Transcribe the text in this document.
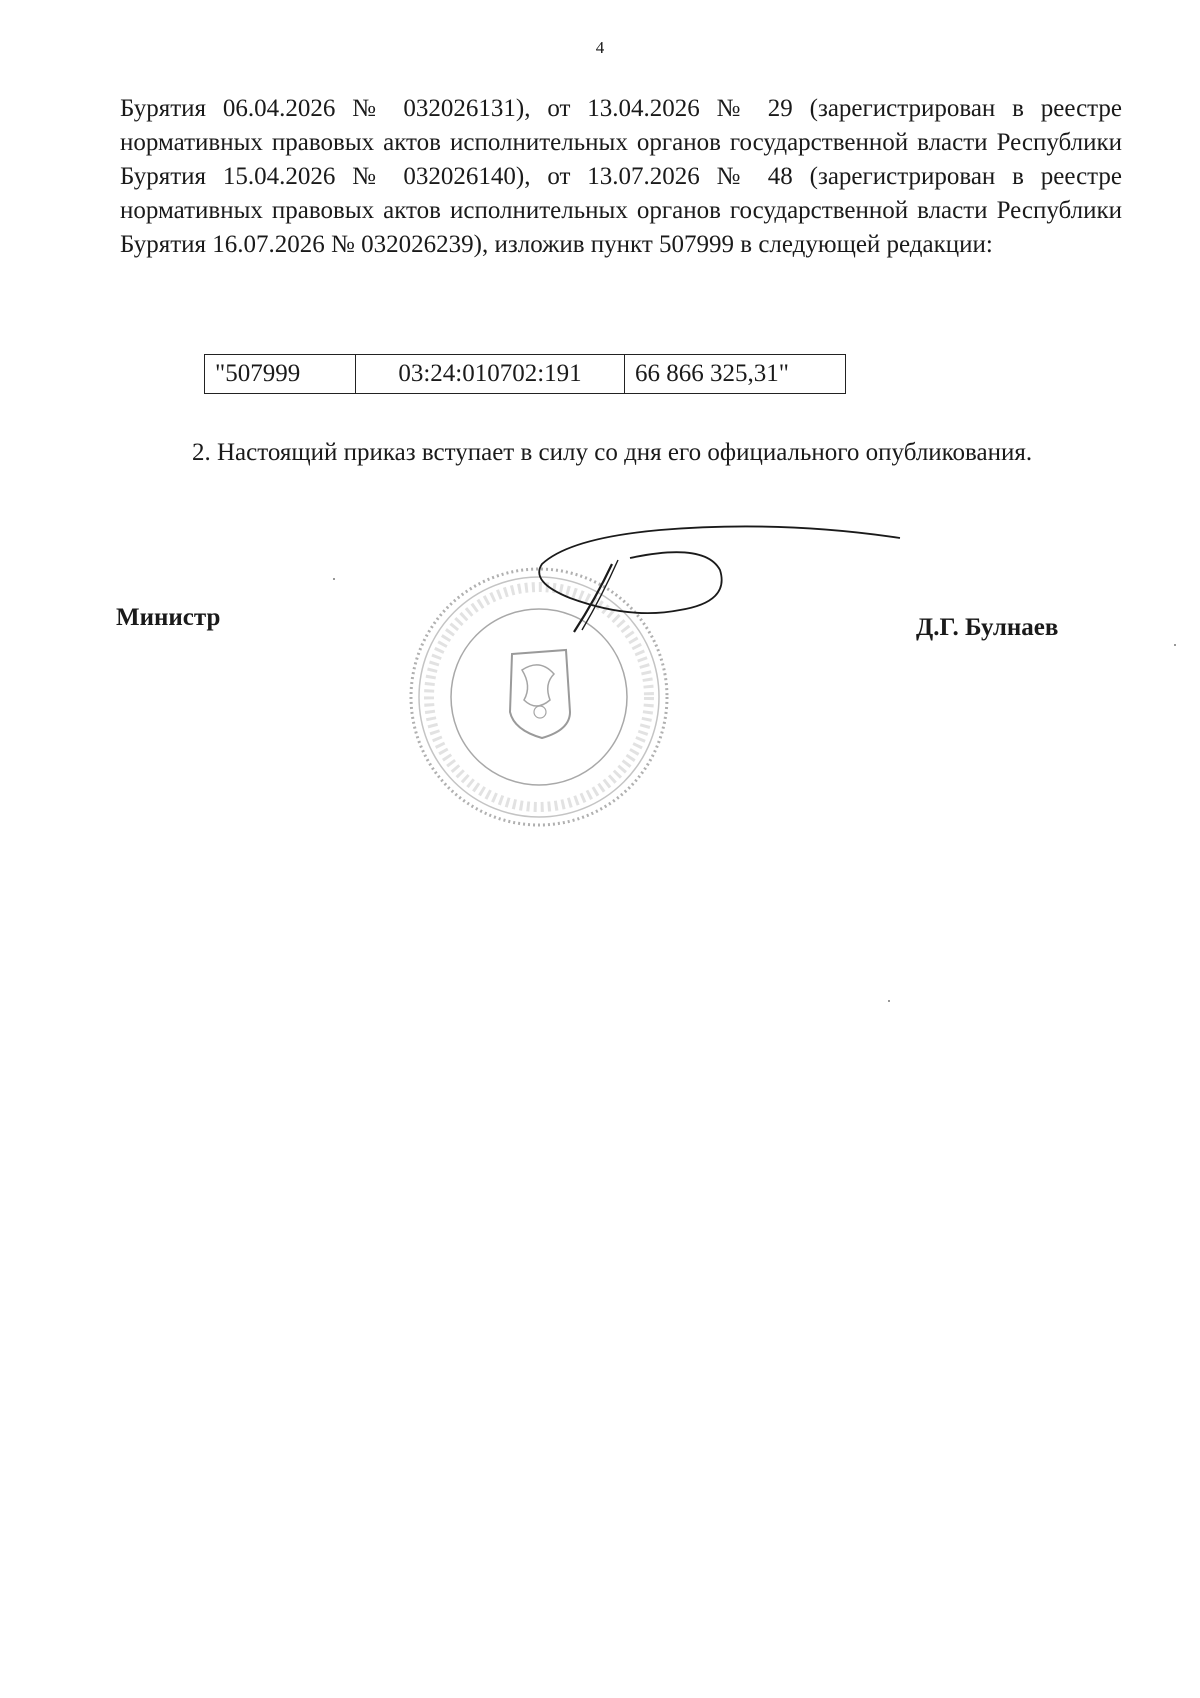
4

Бурятия 06.04.2026 № 032026131), от 13.04.2026 № 29 (зарегистрирован в реестре нормативных правовых актов исполнительных органов государственной власти Республики Бурятия 15.04.2026 № 032026140), от 13.07.2026 № 48 (зарегистрирован в реестре нормативных правовых актов исполнительных органов государственной власти Республики Бурятия 16.07.2026 № 032026239), изложив пункт 507999 в следующей редакции:

"507999	03:24:010702:191	66 866 325,31"

2. Настоящий приказ вступает в силу со дня его официального опубликования.

Министр	Д.Г. Булнаев
